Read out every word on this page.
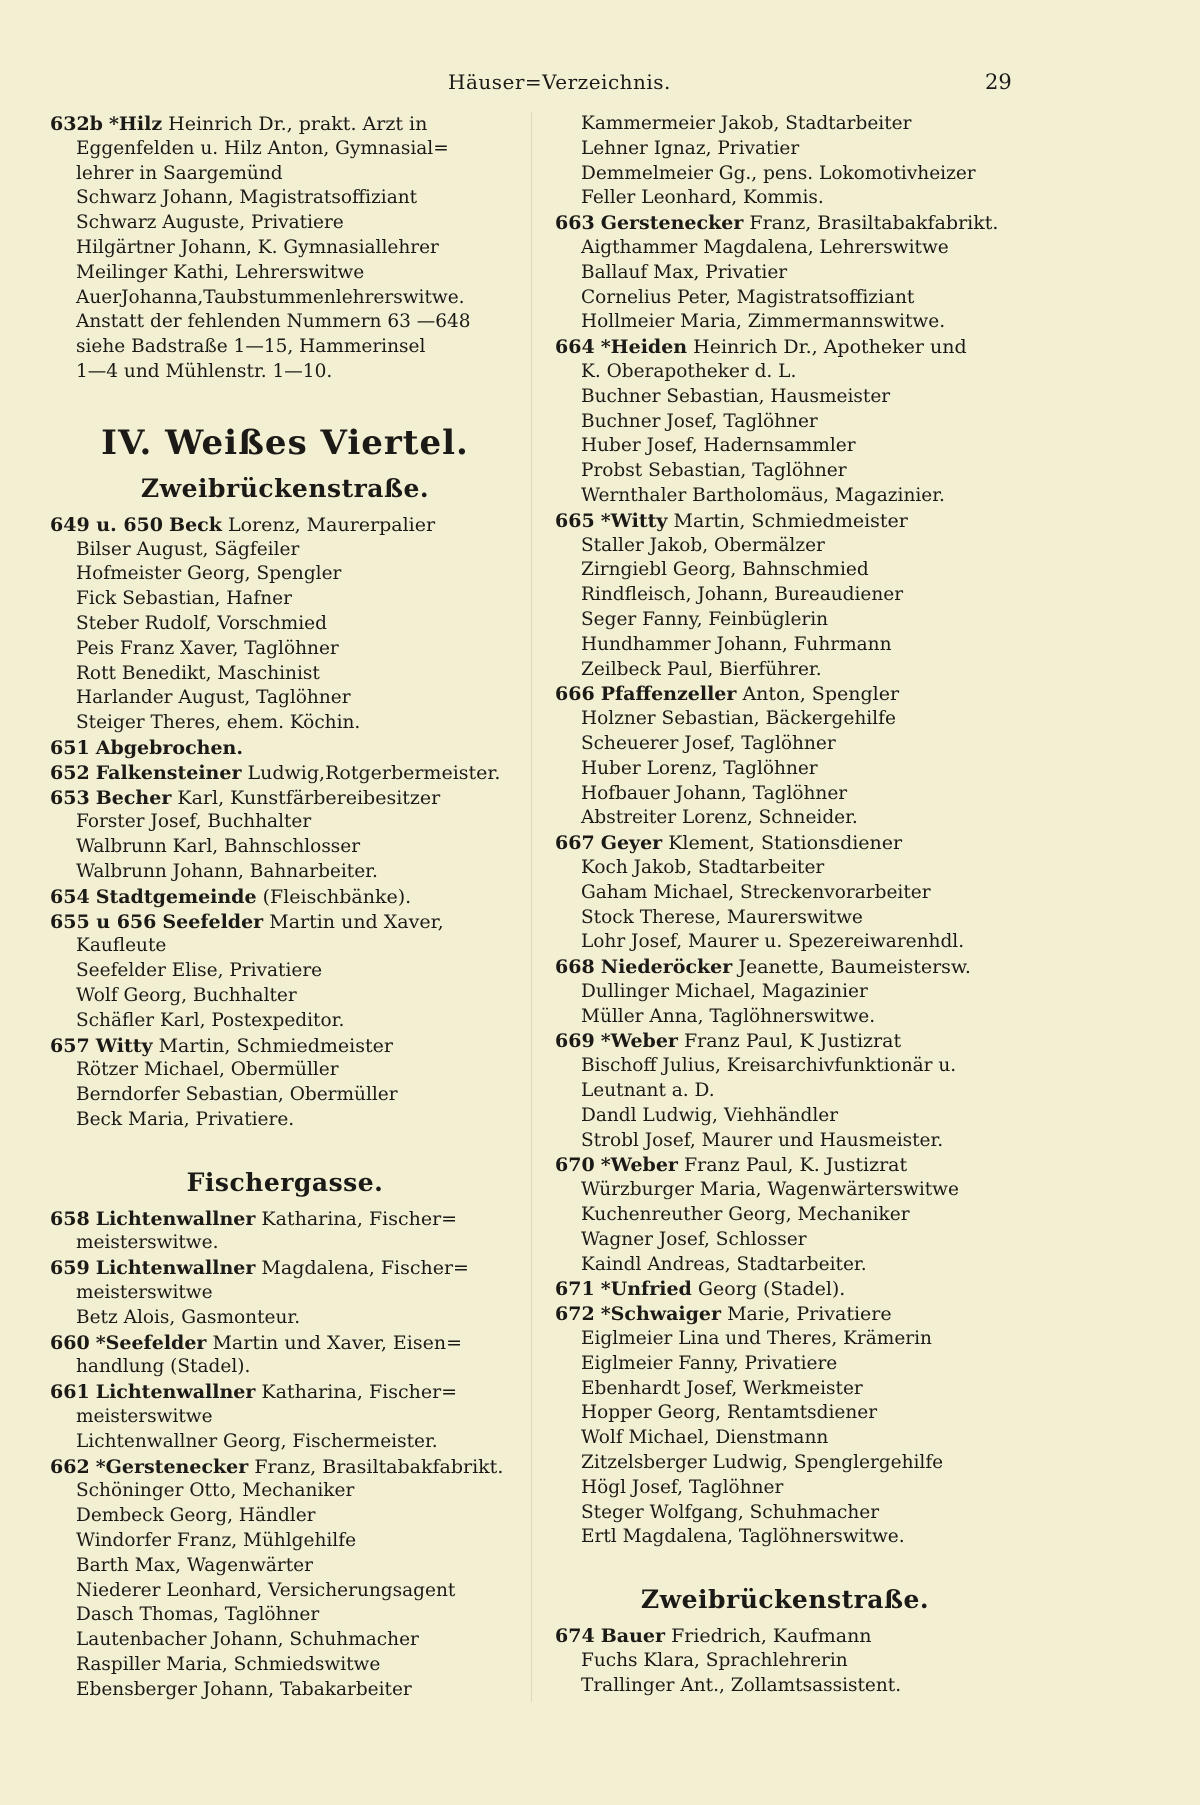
Häuser=Verzeichnis.	29

632b *Hilz Heinrich Dr., prakt. Arzt in
Eggenfelden u. Hilz Anton, Gymnasial=
lehrer in Saargemünd

Schwarz Johann, Magistratsoffiziant

Schwarz Auguste, Privatiere

Hilgärtner Johann, K. Gymnasiallehrer

Meilinger Kathi, Lehrerswitwe

AuerJohanna,Taubstummenlehrerswitwe.

Anstatt der fehlenden Nummern 63 —648

siehe Badstraße 1—15, Hammerinsel

1—4 und Mühlenstr. 1—10.

IV. Weißes Viertel.
Zweibrückenstraße.

649 u. 650 Beck Lorenz, Maurerpalier

Bilser August, Sägfeiler

Hofmeister Georg, Spengler

Fick Sebastian, Hafner

Steber Rudolf, Vorschmied

Peis Franz Xaver, Taglöhner

Rott Benedikt, Maschinist

Harlander August, Taglöhner

Steiger Theres, ehem. Köchin.

651 Abgebrochen.

652 Falkensteiner Ludwig,Rotgerbermeister.

653 Becher Karl, Kunstfärbereibesitzer

Forster Josef, Buchhalter

Walbrunn Karl, Bahnschlosser

Walbrunn Johann, Bahnarbeiter.

654 Stadtgemeinde (Fleischbänke).

655 u 656 Seefelder Martin und Xaver,
Kaufleute

Seefelder Elise, Privatiere

Wolf Georg, Buchhalter

Schäfler Karl, Postexpeditor.

657 Witty Martin, Schmiedmeister

Rötzer Michael, Obermüller

Berndorfer Sebastian, Obermüller

Beck Maria, Privatiere.

Fischergasse.

658 Lichtenwallner Katharina, Fischer=
meisterswitwe.

659 Lichtenwallner Magdalena, Fischer=
meisterswitwe

Betz Alois, Gasmonteur.

660 *Seefelder Martin und Xaver, Eisen=
handlung (Stadel).

661 Lichtenwallner Katharina, Fischer=
meisterswitwe

Lichtenwallner Georg, Fischermeister.

662 *Gerstenecker Franz, Brasiltabakfabrikt.

Schöninger Otto, Mechaniker

Dembeck Georg, Händler

Windorfer Franz, Mühlgehilfe

Barth Max, Wagenwärter

Niederer Leonhard, Versicherungsagent

Dasch Thomas, Taglöhner

Lautenbacher Johann, Schuhmacher

Raspiller Maria, Schmiedswitwe

Ebensberger Johann, Tabakarbeiter

Kammermeier Jakob, Stadtarbeiter

Lehner Ignaz, Privatier

Demmelmeier Gg., pens. Lokomotivheizer

Feller Leonhard, Kommis.

663 Gerstenecker Franz, Brasiltabakfabrikt.

Aigthammer Magdalena, Lehrerswitwe

Ballauf Max, Privatier

Cornelius Peter, Magistratsoffiziant

Hollmeier Maria, Zimmermannswitwe.

664 *Heiden Heinrich Dr., Apotheker und
K. Oberapotheker d. L.

Buchner Sebastian, Hausmeister

Buchner Josef, Taglöhner

Huber Josef, Hadernsammler

Probst Sebastian, Taglöhner

Wernthaler Bartholomäus, Magazinier.

665 *Witty Martin, Schmiedmeister

Staller Jakob, Obermälzer

Zirngiebl Georg, Bahnschmied

Rindfleisch, Johann, Bureaudiener

Seger Fanny, Feinbüglerin

Hundhammer Johann, Fuhrmann

Zeilbeck Paul, Bierführer.

666 Pfaffenzeller Anton, Spengler

Holzner Sebastian, Bäckergehilfe

Scheuerer Josef, Taglöhner

Huber Lorenz, Taglöhner

Hofbauer Johann, Taglöhner

Abstreiter Lorenz, Schneider.

667 Geyer Klement, Stationsdiener

Koch Jakob, Stadtarbeiter

Gaham Michael, Streckenvorarbeiter

Stock Therese, Maurerswitwe

Lohr Josef, Maurer u. Spezereiwarenhdl.

668 Niederöcker Jeanette, Baumeistersw.

Dullinger Michael, Magazinier

Müller Anna, Taglöhnerswitwe.

669 *Weber Franz Paul, K Justizrat

Bischoff Julius, Kreisarchivfunktionär u.

Leutnant a. D.

Dandl Ludwig, Viehhändler

Strobl Josef, Maurer und Hausmeister.

670 *Weber Franz Paul, K. Justizrat

Würzburger Maria, Wagenwärterswitwe

Kuchenreuther Georg, Mechaniker

Wagner Josef, Schlosser

Kaindl Andreas, Stadtarbeiter.

671 *Unfried Georg (Stadel).

672 *Schwaiger Marie, Privatiere

Eiglmeier Lina und Theres, Krämerin

Eiglmeier Fanny, Privatiere

Ebenhardt Josef, Werkmeister

Hopper Georg, Rentamtsdiener

Wolf Michael, Dienstmann

Zitzelsberger Ludwig, Spenglergehilfe

Högl Josef, Taglöhner

Steger Wolfgang, Schuhmacher

Ertl Magdalena, Taglöhnerswitwe.

Zweibrückenstraße.

674 Bauer Friedrich, Kaufmann

Fuchs Klara, Sprachlehrerin

Trallinger Ant., Zollamtsassistent.
